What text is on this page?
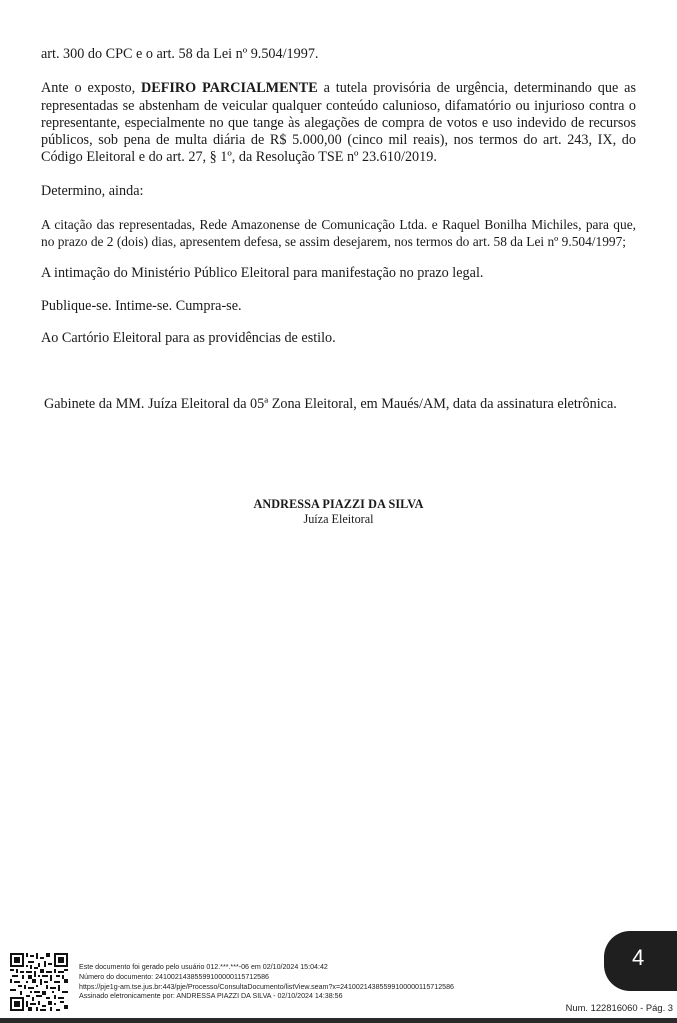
art. 300 do CPC e o art. 58 da Lei nº 9.504/1997.

Ante o exposto, DEFIRO PARCIALMENTE a tutela provisória de urgência, determinando que as representadas se abstenham de veicular qualquer conteúdo calunioso, difamatório ou injurioso contra o representante, especialmente no que tange às alegações de compra de votos e uso indevido de recursos públicos, sob pena de multa diária de R$ 5.000,00 (cinco mil reais), nos termos do art. 243, IX, do Código Eleitoral e do art. 27, § 1º, da Resolução TSE nº 23.610/2019.

Determino, ainda:

A citação das representadas, Rede Amazonense de Comunicação Ltda. e Raquel Bonilha Michiles, para que, no prazo de 2 (dois) dias, apresentem defesa, se assim desejarem, nos termos do art. 58 da Lei nº 9.504/1997;

A intimação do Ministério Público Eleitoral para manifestação no prazo legal.

Publique-se. Intime-se. Cumpra-se.

Ao Cartório Eleitoral para as providências de estilo.

Gabinete da MM. Juíza Eleitoral da 05ª Zona Eleitoral, em Maués/AM, data da assinatura eletrônica.

ANDRESSA PIAZZI DA SILVA
Juíza Eleitoral
Este documento foi gerado pelo usuário 012.***.***-06 em 02/10/2024 15:04:42
Número do documento: 24100214385599100000115712586
https://pje1g-am.tse.jus.br:443/pje/Processo/ConsultaDocumento/listView.seam?x=24100214385599100000115712586
Assinado eletronicamente por: ANDRESSA PIAZZI DA SILVA - 02/10/2024 14:38:56
4
Num. 122816060 - Pág. 3
